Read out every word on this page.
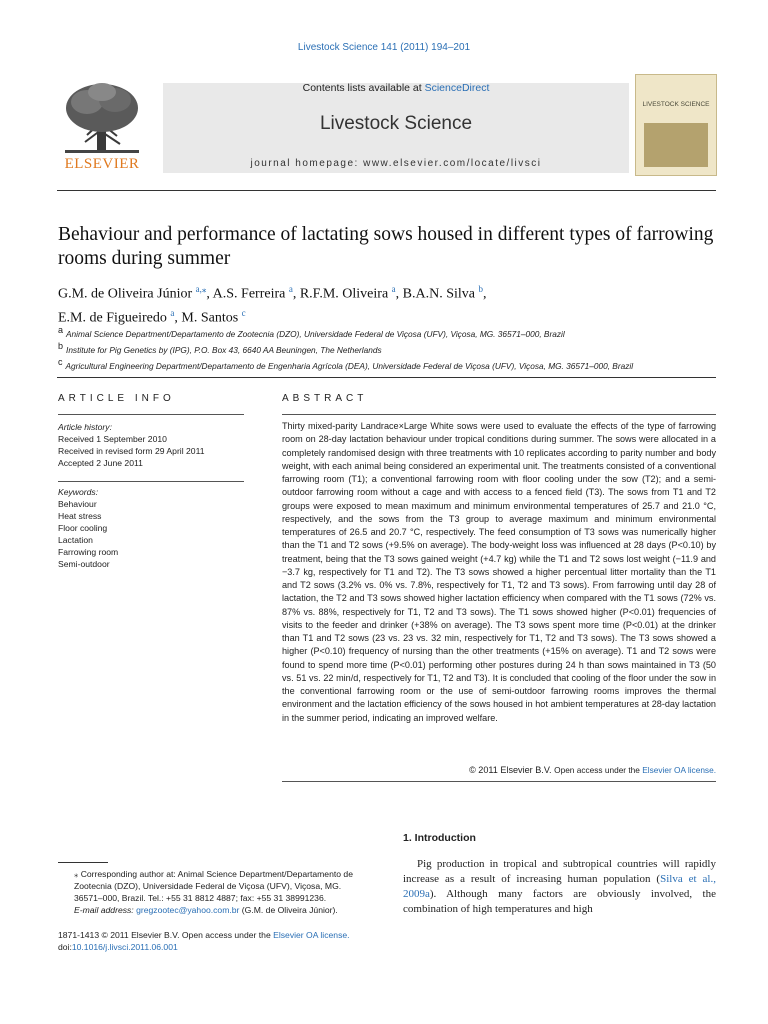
Livestock Science 141 (2011) 194–201
ELSEVIER
Contents lists available at ScienceDirect
Livestock Science
journal homepage: www.elsevier.com/locate/livsci
LIVESTOCK SCIENCE
Behaviour and performance of lactating sows housed in different types of farrowing rooms during summer
G.M. de Oliveira Júnior $^{a,⁎}$, A.S. Ferreira $^a$, R.F.M. Oliveira $^a$, B.A.N. Silva $^b$,
E.M. de Figueiredo $^a$, M. Santos $^c$
$^a$ Animal Science Department/Departamento de Zootecnia (DZO), Universidade Federal de Viçosa (UFV), Viçosa, MG. 36571–000, Brazil
$^b$ Institute for Pig Genetics by (IPG), P.O. Box 43, 6640 AA Beuningen, The Netherlands
$^c$ Agricultural Engineering Department/Departamento de Engenharia Agrícola (DEA), Universidade Federal de Viçosa (UFV), Viçosa, MG. 36571–000, Brazil
ARTICLE INFO
Article history:
Received 1 September 2010
Received in revised form 29 April 2011
Accepted 2 June 2011
Keywords:
Behaviour
Heat stress
Floor cooling
Lactation
Farrowing room
Semi-outdoor
ABSTRACT
Thirty mixed-parity Landrace×Large White sows were used to evaluate the effects of the type of farrowing room on 28-day lactation behaviour under tropical conditions during summer. The sows were allocated in a completely randomised design with three treatments with 10 replicates according to parity number and body weight, with each animal being considered an experimental unit. The treatments consisted of a conventional farrowing room (T1); a conventional farrowing room with floor cooling under the sow (T2); and a semi-outdoor farrowing room without a cage and with access to a fenced field (T3). The sows from T1 and T2 groups were exposed to mean maximum and minimum environmental temperatures of 25.7 and 21.0 °C, respectively, and the sows from the T3 group to average maximum and minimum environmental temperatures of 26.5 and 20.7 °C, respectively. The feed consumption of T3 sows was numerically higher than the T1 and T2 sows (+9.5% on average). The body-weight loss was influenced at 28 days (P<0.10) by treatment, being that the T3 sows gained weight (+4.7 kg) while the T1 and T2 sows lost weight (−11.9 and −3.7 kg, respectively for T1 and T2). The T3 sows showed a higher percentual litter mortality than the T1 and T2 sows (3.2% vs. 0% vs. 7.8%, respectively for T1, T2 and T3 sows). From farrowing until day 28 of lactation, the T2 and T3 sows showed higher lactation efficiency when compared with the T1 sows (72% vs. 87% vs. 88%, respectively for T1, T2 and T3 sows). The T1 sows showed higher (P<0.01) frequencies of visits to the feeder and drinker (+38% on average). The T3 sows spent more time (P<0.01) at the drinker than T1 and T2 sows (23 vs. 23 vs. 32 min, respectively for T1, T2 and T3 sows). The T3 sows showed a higher (P<0.10) frequency of nursing than the other treatments (+15% on average). T1 and T2 sows were found to spend more time (P<0.01) performing other postures during 24 h than sows maintained in T3 (50 vs. 51 vs. 22 min/d, respectively for T1, T2 and T3). It is concluded that cooling of the floor under the sow in the conventional farrowing room or the use of semi-outdoor farrowing rooms improves the thermal environment and the lactation efficiency of the sows housed in hot ambient temperatures at 28-day lactation in the summer period, indicating an improved welfare.
© 2011 Elsevier B.V. Open access under the Elsevier OA license.
1. Introduction
Pig production in tropical and subtropical countries will rapidly increase as a result of increasing human population (Silva et al., 2009a). Although many factors are obviously involved, the combination of high temperatures and high
⁎ Corresponding author at: Animal Science Department/Departamento de Zootecnia (DZO), Universidade Federal de Viçosa (UFV), Viçosa, MG. 36571–000, Brazil. Tel.: +55 31 8812 4887; fax: +55 31 38991236.
E-mail address: gregzootec@yahoo.com.br (G.M. de Oliveira Júnior).
1871-1413 © 2011 Elsevier B.V. Open access under the Elsevier OA license.
doi:10.1016/j.livsci.2011.06.001
